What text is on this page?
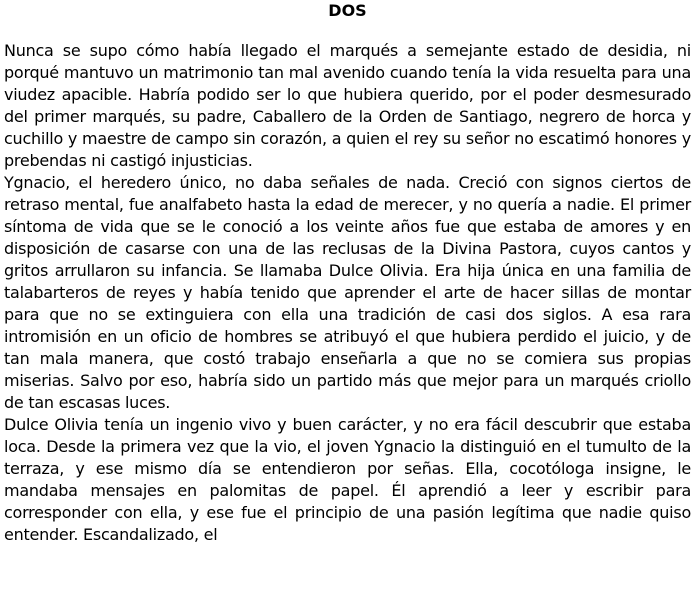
DOS

Nunca se supo cómo había llegado el marqués a semejante estado de desidia, ni porqué mantuvo un matrimonio tan mal avenido cuando tenía la vida resuelta para una viudez apacible. Habría podido ser lo que hubiera querido, por el poder desmesurado del primer marqués, su padre, Caballero de la Orden de Santiago, negrero de horca y cuchillo y maestre de campo sin corazón, a quien el rey su señor no escatimó honores y prebendas ni castigó injusticias.

Ygnacio, el heredero único, no daba señales de nada. Creció con signos ciertos de retraso mental, fue analfabeto hasta la edad de merecer, y no quería a nadie. El primer síntoma de vida que se le conoció a los veinte años fue que estaba de amores y en disposición de casarse con una de las reclusas de la Divina Pastora, cuyos cantos y gritos arrullaron su infancia. Se llamaba Dulce Olivia. Era hija única en una familia de talabarteros de reyes y había tenido que aprender el arte de hacer sillas de montar para que no se extinguiera con ella una tradición de casi dos siglos. A esa rara intromisión en un oficio de hombres se atribuyó el que hubiera perdido el juicio, y de tan mala manera, que costó trabajo enseñarla a que no se comiera sus propias miserias. Salvo por eso, habría sido un partido más que mejor para un marqués criollo de tan escasas luces.

Dulce Olivia tenía un ingenio vivo y buen carácter, y no era fácil descubrir que estaba loca. Desde la primera vez que la vio, el joven Ygnacio la distinguió en el tumulto de la terraza, y ese mismo día se entendieron por señas. Ella, cocotóloga insigne, le mandaba mensajes en palomitas de papel. Él aprendió a leer y escribir para corresponder con ella, y ese fue el principio de una pasión legítima que nadie quiso entender. Escandalizado, el
